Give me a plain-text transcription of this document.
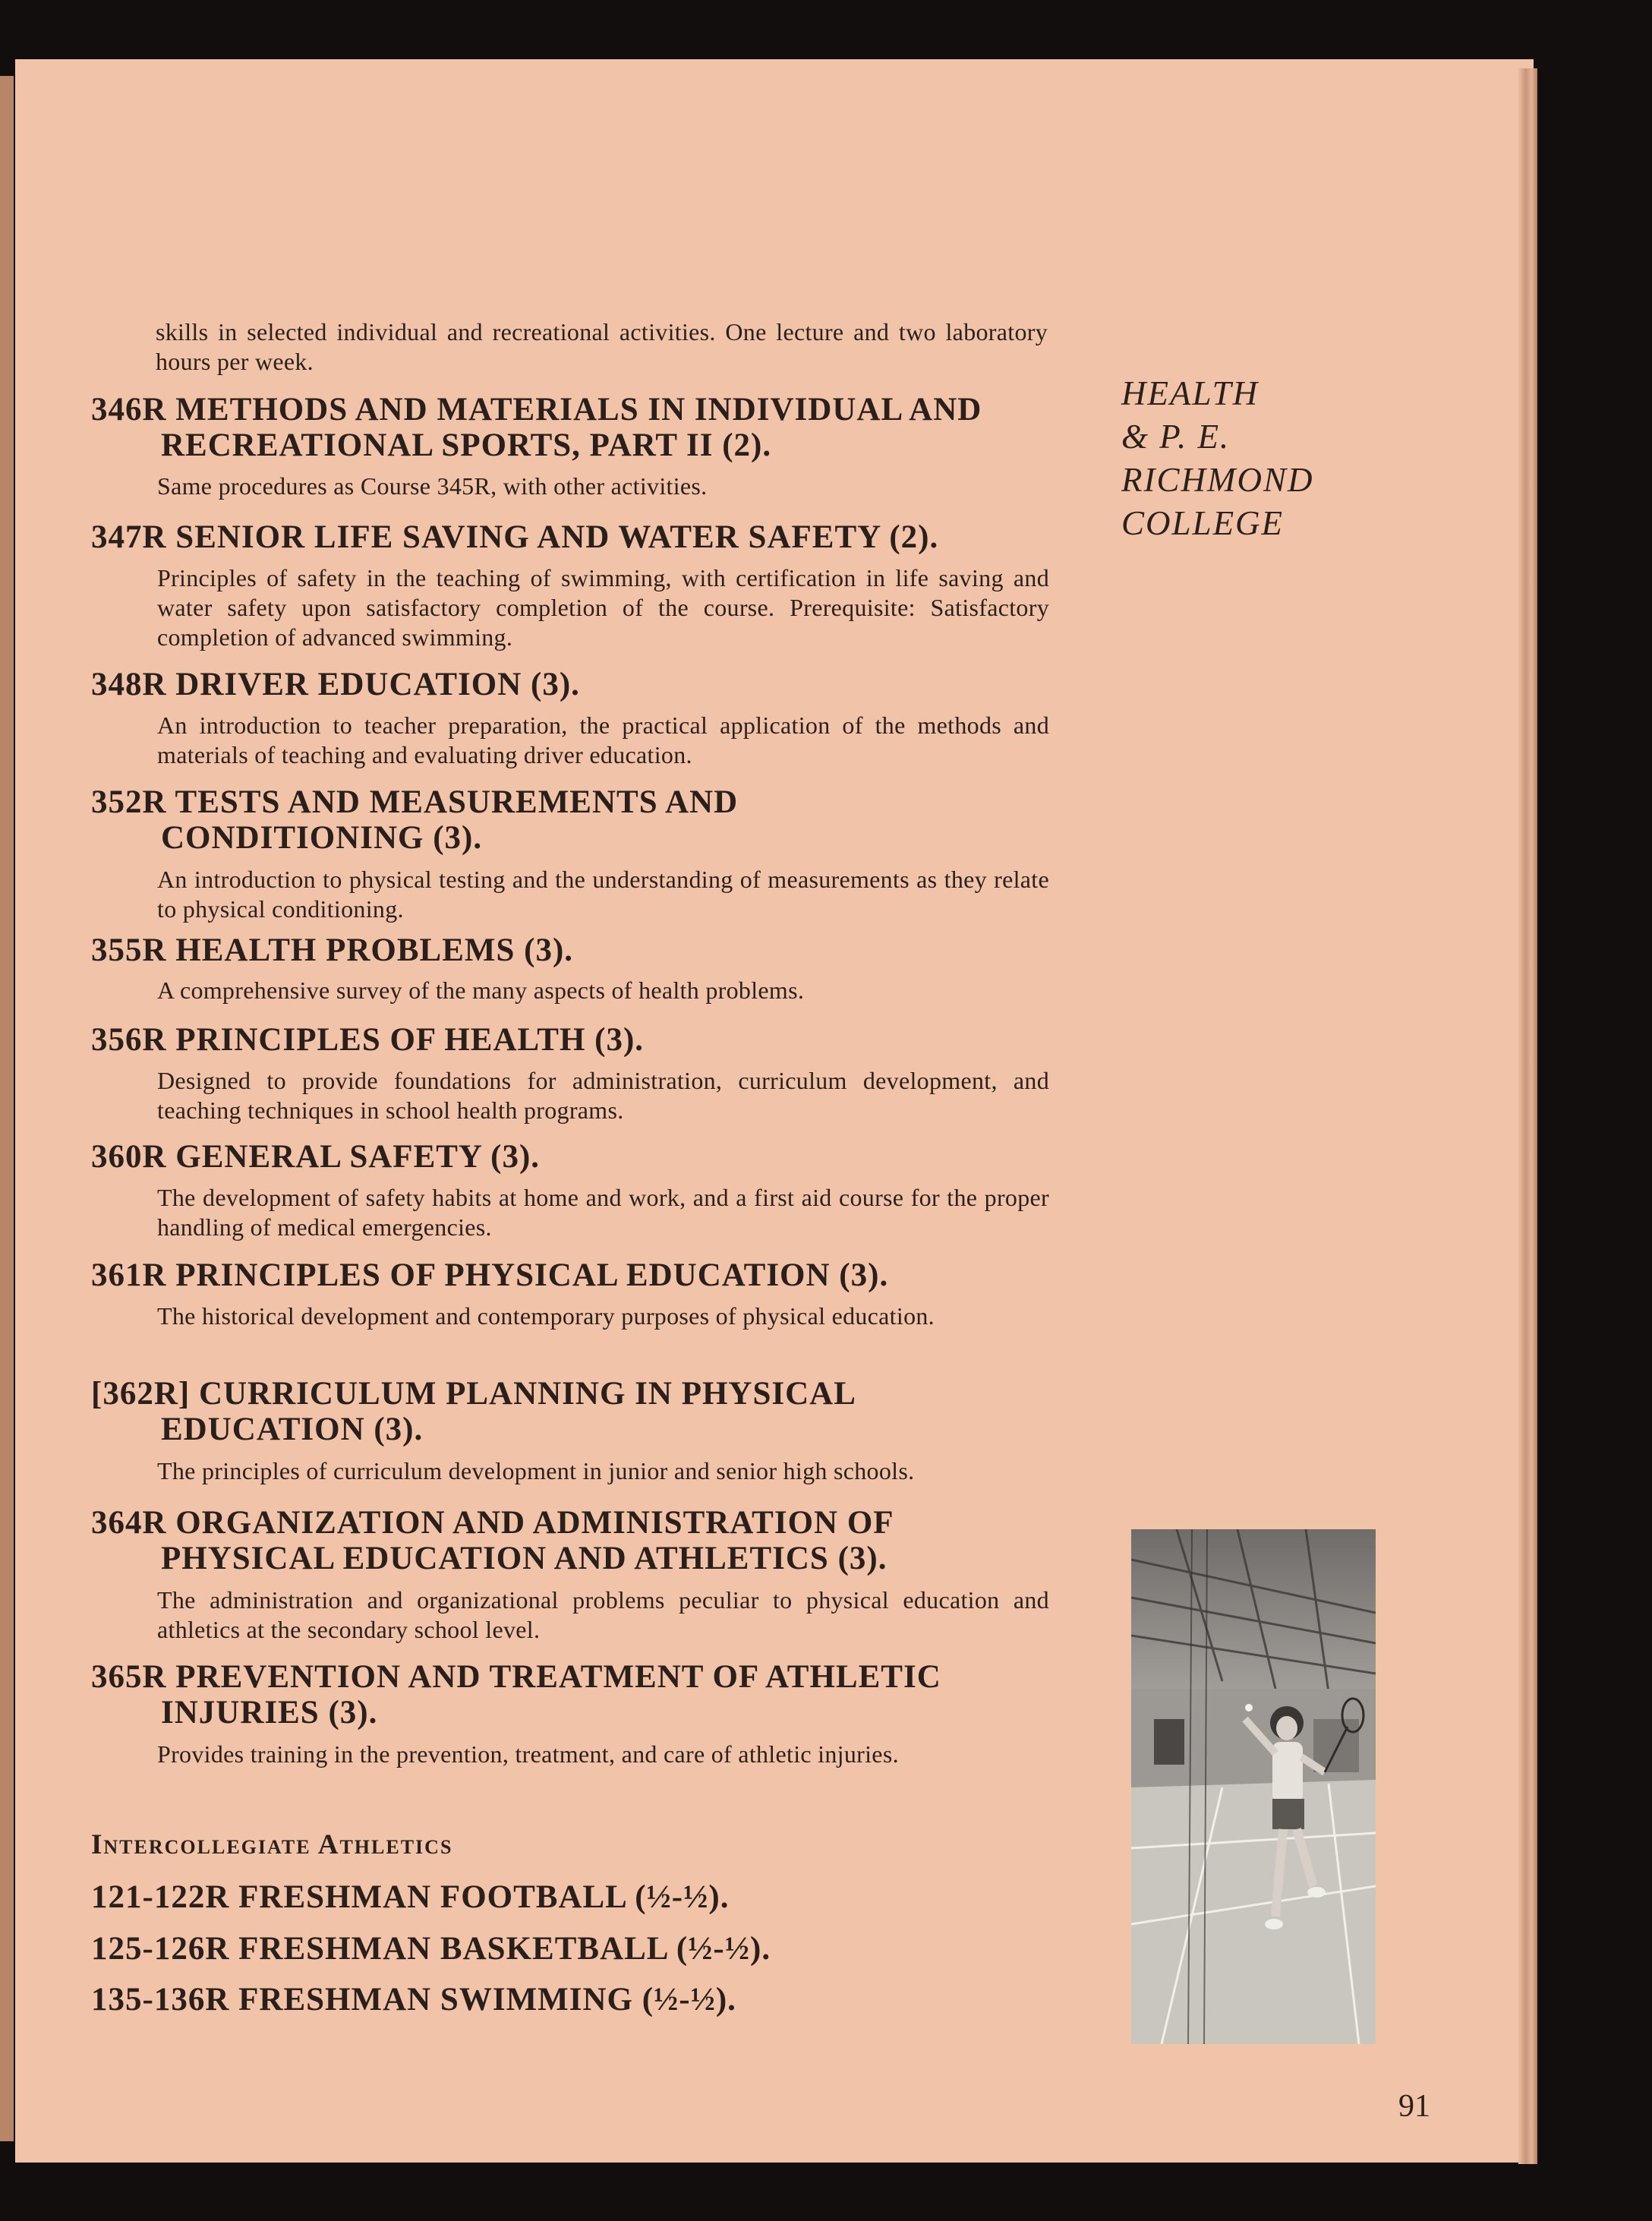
skills in selected individual and recreational activities. One lecture and two laboratory hours per week.

346R METHODS AND MATERIALS IN INDIVIDUAL AND
RECREATIONAL SPORTS, PART II (2).

Same procedures as Course 345R, with other activities.

347R SENIOR LIFE SAVING AND WATER SAFETY (2).

Principles of safety in the teaching of swimming, with certification in life saving and water safety upon satisfactory completion of the course. Prerequisite: Satisfactory completion of advanced swimming.

348R DRIVER EDUCATION (3).

An introduction to teacher preparation, the practical application of the methods and materials of teaching and evaluating driver education.

352R TESTS AND MEASUREMENTS AND
CONDITIONING (3).

An introduction to physical testing and the understanding of measurements as they relate to physical conditioning.

355R HEALTH PROBLEMS (3).

A comprehensive survey of the many aspects of health problems.

356R PRINCIPLES OF HEALTH (3).

Designed to provide foundations for administration, curriculum development, and teaching techniques in school health programs.

360R GENERAL SAFETY (3).

The development of safety habits at home and work, and a first aid course for the proper handling of medical emergencies.

361R PRINCIPLES OF PHYSICAL EDUCATION (3).

The historical development and contemporary purposes of physical education.

[362R] CURRICULUM PLANNING IN PHYSICAL
EDUCATION (3).

The principles of curriculum development in junior and senior high schools.

364R ORGANIZATION AND ADMINISTRATION OF
PHYSICAL EDUCATION AND ATHLETICS (3).

The administration and organizational problems peculiar to physical education and athletics at the secondary school level.

365R PREVENTION AND TREATMENT OF ATHLETIC
INJURIES (3).

Provides training in the prevention, treatment, and care of athletic injuries.

Intercollegiate Athletics
121-122R FRESHMAN FOOTBALL (½-½).
125-126R FRESHMAN BASKETBALL (½-½).
135-136R FRESHMAN SWIMMING (½-½).
HEALTH
& P. E.
RICHMOND
COLLEGE
91
